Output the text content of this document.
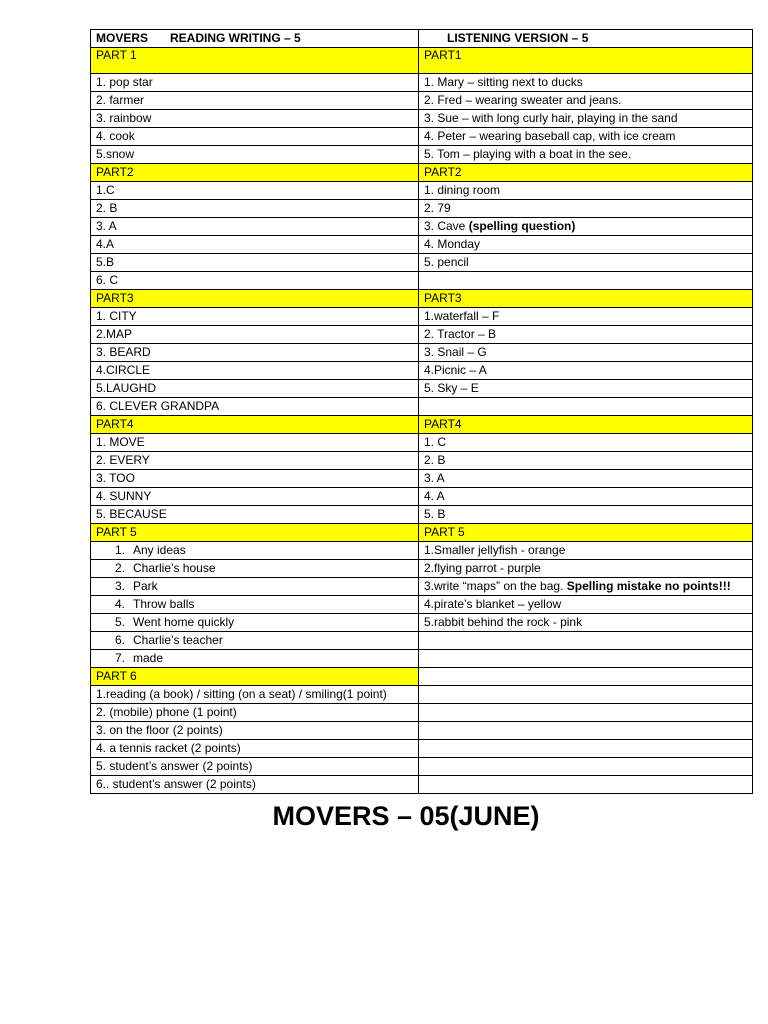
MOVERS READING WRITING – 5	LISTENING VERSION – 5
PART 1	PART1
1. pop star	1. Mary – sitting next to ducks
2. farmer	2. Fred – wearing sweater and jeans.
3. rainbow	3. Sue – with long curly hair, playing in the sand
4. cook	4. Peter – wearing baseball cap, with ice cream
5.snow	5. Tom – playing with a boat in the see.
PART2	PART2
1.C	1. dining room
2. B	2. 79
3. A	3. Cave (spelling question)
4.A	4. Monday
5.B	5. pencil
6. C	
PART3	PART3
1. CITY	1.waterfall – F
2.MAP	2. Tractor – B
3. BEARD	3. Snail – G
4.CIRCLE	4.Picnic – A
5.LAUGHD	5. Sky – E
6. CLEVER GRANDPA	
PART4	PART4
1. MOVE	1. C
2. EVERY	2. B
3. TOO	3. A
4. SUNNY	4. A
5. BECAUSE	5. B
PART 5	PART 5
1. Any ideas	1.Smaller jellyfish - orange
2. Charlie’s house	2.flying parrot - purple
3. Park	3.write “maps” on the bag. Spelling mistake no points!!!
4. Throw balls	4.pirate’s blanket – yellow
5. Went home quickly	5.rabbit behind the rock - pink
6. Charlie’s teacher	
7. made	
PART 6	
1.reading (a book) / sitting (on a seat) / smiling(1 point)	
2. (mobile) phone (1 point)	
3. on the floor (2 points)	
4. a tennis racket (2 points)	
5. student’s answer (2 points)	
6.. student’s answer (2 points)	
MOVERS – 05(JUNE)
